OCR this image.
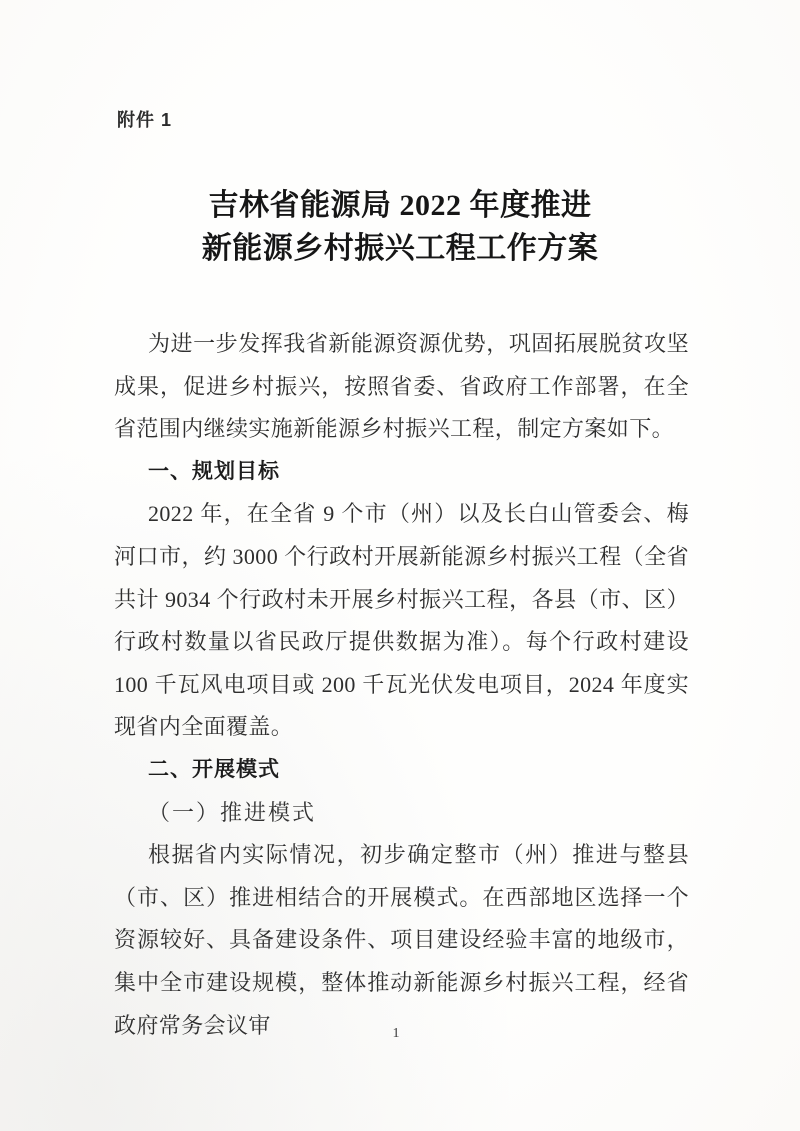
附件 1
吉林省能源局 2022 年度推进
新能源乡村振兴工程工作方案

为进一步发挥我省新能源资源优势，巩固拓展脱贫攻坚成果，促进乡村振兴，按照省委、省政府工作部署，在全省范围内继续实施新能源乡村振兴工程，制定方案如下。

一、规划目标

2022 年，在全省 9 个市（州）以及长白山管委会、梅河口市，约 3000 个行政村开展新能源乡村振兴工程（全省共计 9034 个行政村未开展乡村振兴工程，各县（市、区）行政村数量以省民政厅提供数据为准）。每个行政村建设 100 千瓦风电项目或 200 千瓦光伏发电项目，2024 年度实现省内全面覆盖。

二、开展模式

（一）推进模式

根据省内实际情况，初步确定整市（州）推进与整县（市、区）推进相结合的开展模式。在西部地区选择一个资源较好、具备建设条件、项目建设经验丰富的地级市，集中全市建设规模，整体推动新能源乡村振兴工程，经省政府常务会议审	1
